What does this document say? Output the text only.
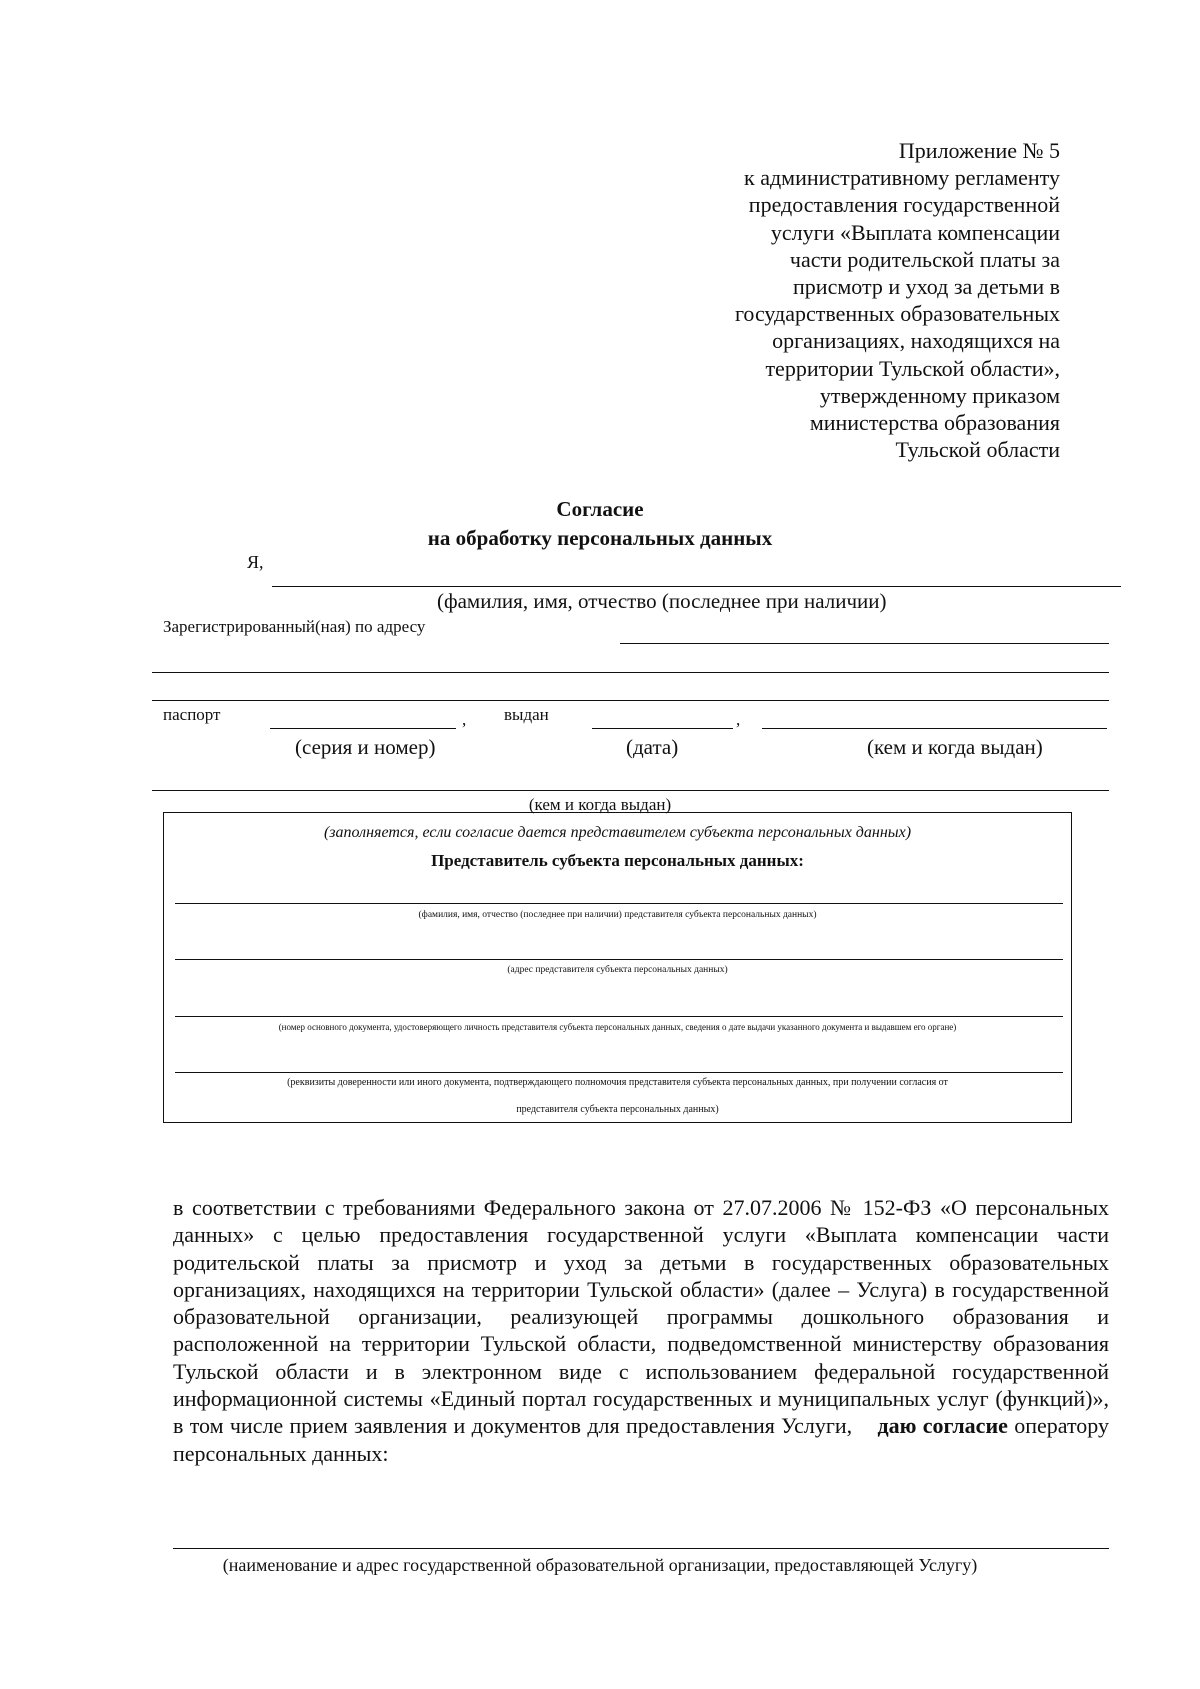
Приложение № 5
к административному регламенту
предоставления государственной
услуги «Выплата компенсации
части родительской платы за
присмотр и уход за детьми в
государственных образовательных
организациях, находящихся на
территории Тульской области»,
утвержденному приказом
министерства образования
Тульской области
Согласие
на обработку персональных данных
Я,
(фамилия, имя, отчество (последнее при наличии)
Зарегистрированный(ная) по адресу
паспорт	, выдан	,
(серия и номер)	(дата)	(кем и когда выдан)
(кем и когда выдан)
(заполняется, если согласие дается представителем субъекта персональных данных)
Представитель субъекта персональных данных:
(фамилия, имя, отчество (последнее при наличии) представителя субъекта персональных данных)
(адрес представителя субъекта персональных данных)
(номер основного документа, удостоверяющего личность представителя субъекта персональных данных, сведения о дате выдачи указанного документа и выдавшем его органе)
(реквизиты доверенности или иного документа, подтверждающего полномочия представителя субъекта персональных данных, при получении согласия от
представителя субъекта персональных данных)
в соответствии с требованиями Федерального закона от 27.07.2006 № 152-ФЗ «О персональных данных» с целью предоставления государственной услуги «Выплата компенсации части родительской платы за присмотр и уход за детьми в государственных образовательных организациях, находящихся на территории Тульской области» (далее – Услуга) в государственной образовательной организации, реализующей программы дошкольного образования и расположенной на территории Тульской области, подведомственной министерству образования Тульской области и в электронном виде с использованием федеральной государственной информационной системы «Единый портал государственных и муниципальных услуг (функций)», в том числе прием заявления и документов для предоставления Услуги, даю согласие оператору персональных данных:
(наименование и адрес государственной образовательной организации, предоставляющей Услугу)
